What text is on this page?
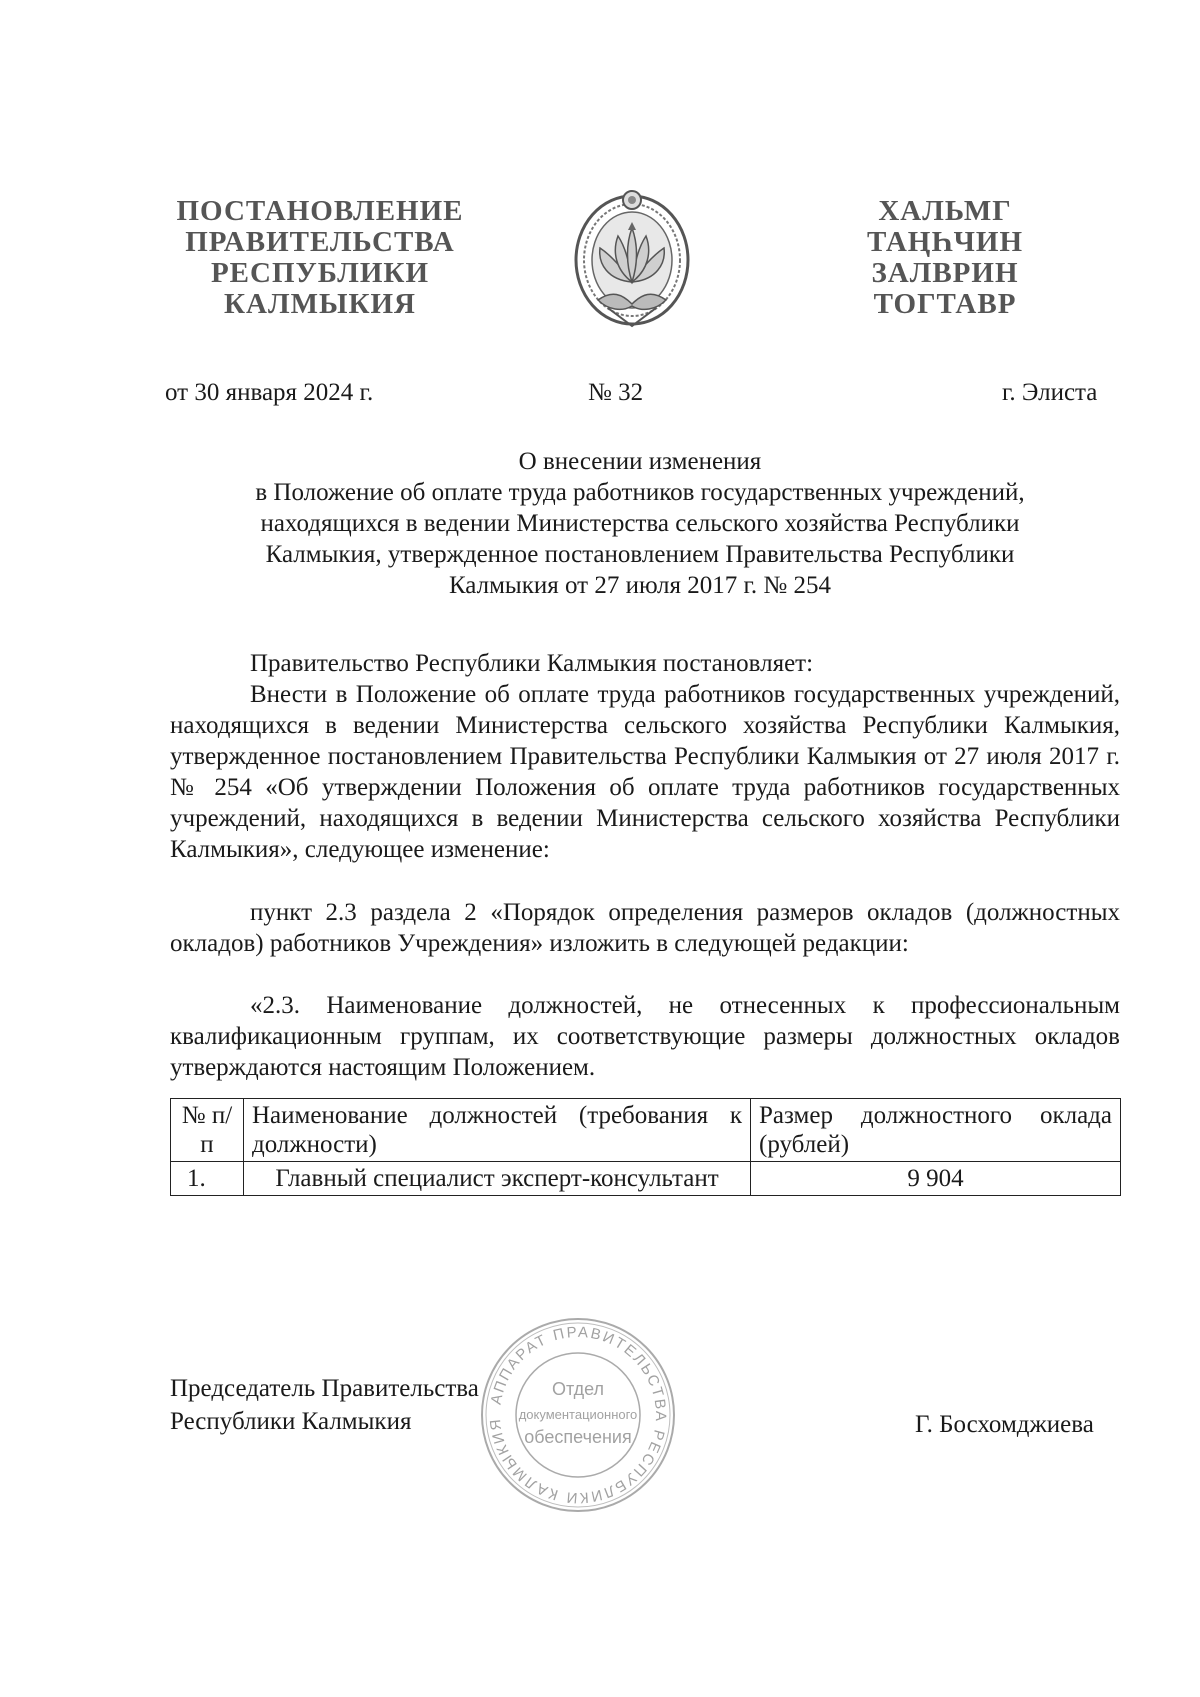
ПОСТАНОВЛЕНИЕ
ПРАВИТЕЛЬСТВА
РЕСПУБЛИКИ
КАЛМЫКИЯ
ХАЛЬМГ
ТАҢҺЧИН
ЗАЛВРИН
ТОГТАВР
от 30 января 2024 г.	№ 32	г. Элиста
О внесении изменения
в Положение об оплате труда работников государственных учреждений,
находящихся в ведении Министерства сельского хозяйства Республики
Калмыкия, утвержденное постановлением Правительства Республики
Калмыкия от 27 июля 2017 г. № 254
Правительство Республики Калмыкия постановляет:
Внести в Положение об оплате труда работников государственных учреждений, находящихся в ведении Министерства сельского хозяйства Республики Калмыкия, утвержденное постановлением Правительства Республики Калмыкия от 27 июля 2017 г. № 254 «Об утверждении Положения об оплате труда работников государственных учреждений, находящихся в ведении Министерства сельского хозяйства Республики Калмыкия», следующее изменение:
пункт 2.3 раздела 2 «Порядок определения размеров окладов (должностных окладов) работников Учреждения» изложить в следующей редакции:
«2.3. Наименование должностей, не отнесенных к профессиональным квалификационным группам, их соответствующие размеры должностных окладов утверждаются настоящим Положением.
№ п/п	Наименование должностей (требования к должности)	Размер должностного оклада (рублей)
1.	Главный специалист эксперт-консультант	9 904
АППАРАТ ПРАВИТЕЛЬСТВА РЕСПУБЛИКИ КАЛМЫКИЯ
Отдел
документационного
обеспечения
Председатель Правительства
Республики Калмыкия	Г. Босхомджиева
